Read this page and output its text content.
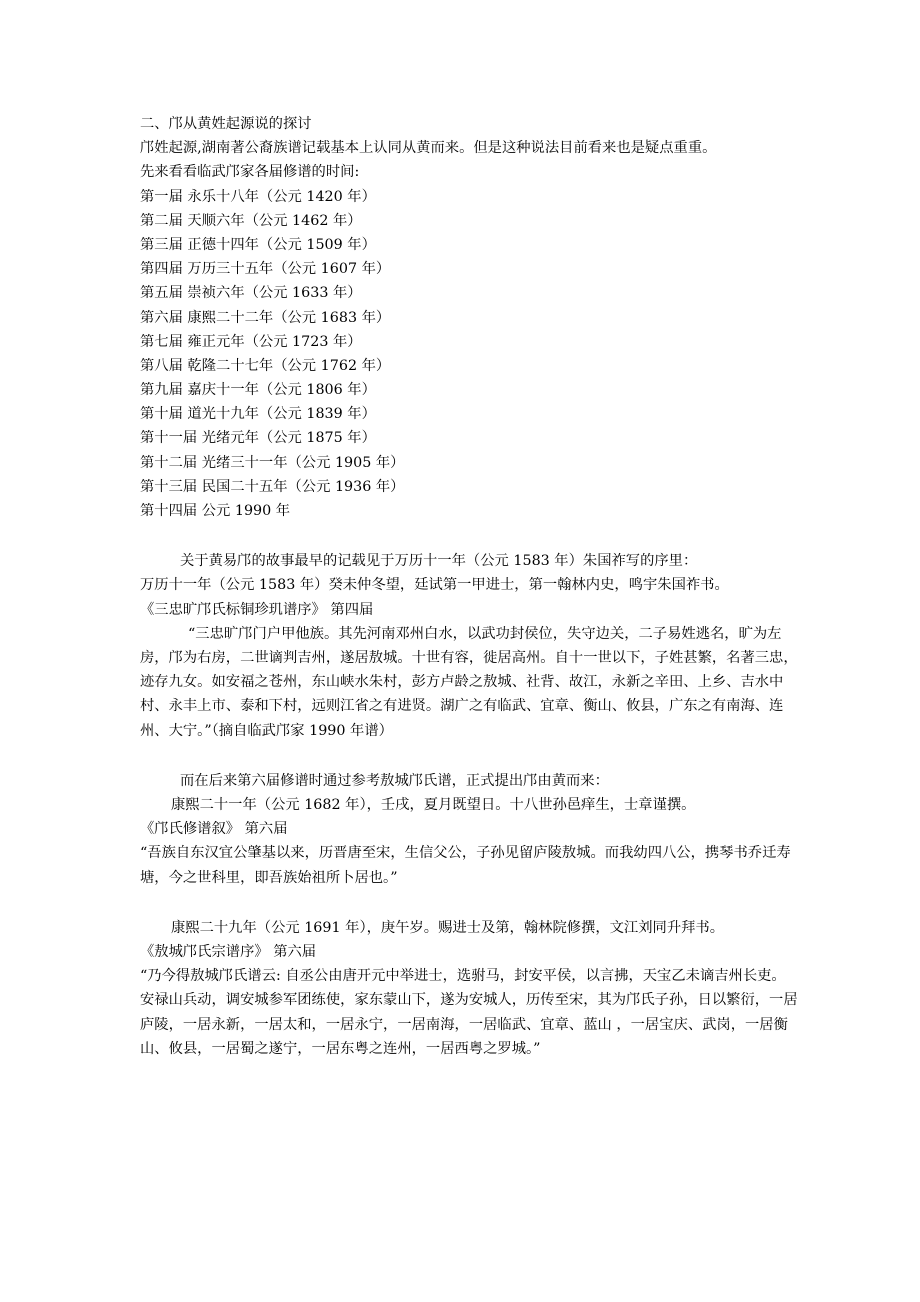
二、邝从黄姓起源说的探讨
邝姓起源,湖南著公裔族谱记载基本上认同从黄而来。但是这种说法目前看来也是疑点重重。
先来看看临武邝家各届修谱的时间:
第一届 永乐十八年（公元 1420 年）
第二届 天顺六年（公元 1462 年）
第三届 正德十四年（公元 1509 年）
第四届 万历三十五年（公元 1607 年）
第五届 崇祯六年（公元 1633 年）
第六届 康熙二十二年（公元 1683 年）
第七届 雍正元年（公元 1723 年）
第八届 乾隆二十七年（公元 1762 年）
第九届 嘉庆十一年（公元 1806 年）
第十届 道光十九年（公元 1839 年）
第十一届 光绪元年（公元 1875 年）
第十二届 光绪三十一年（公元 1905 年）
第十三届 民国二十五年（公元 1936 年）
第十四届 公元 1990 年
关于黄易邝的故事最早的记载见于万历十一年（公元 1583 年）朱国祚写的序里：
万历十一年（公元 1583 年）癸未仲冬望，廷试第一甲进士，第一翰林内史，鸣宇朱国祚书。
《三忠旷邝氏标铜珍玑谱序》 第四届
“三忠旷邝门户甲他族。其先河南邓州白水，以武功封侯位，失守边关，二子易姓逃名，旷为左房，邝为右房，二世谪判吉州，遂居敖城。十世有容，徙居高州。自十一世以下，子姓甚繁，名著三忠，迹存九女。如安福之苍州，东山峡水朱村，彭方卢龄之敖城、社背、故江，永新之辛田、上乡、吉水中村、永丰上市、泰和下村，远则江省之有进贤。湖广之有临武、宜章、衡山、攸县，广东之有南海、连州、大宁。”（摘自临武邝家 1990 年谱）
而在后来第六届修谱时通过参考敖城邝氏谱，正式提出邝由黄而来：
康熙二十一年（公元 1682 年），壬戌，夏月既望日。十八世孙邑痒生，士章谨撰。
《邝氏修谱叙》 第六届
“吾族自东汉宜公肇基以来，历晋唐至宋，生信父公，子孙见留庐陵敖城。而我幼四八公，携琴书乔迁寿塘，今之世科里，即吾族始祖所卜居也。”
康熙二十九年（公元 1691 年），庚午岁。赐进士及第，翰林院修撰，文江刘同升拜书。
《敖城邝氏宗谱序》 第六届
“乃今得敖城邝氏谱云: 自丞公由唐开元中举进士，选驸马，封安平侯，以言拂，天宝乙未谪吉州长吏。安禄山兵动，调安城参军团练使，家东蒙山下，遂为安城人，历传至宋，其为邝氏子孙，日以繁衍，一居庐陵，一居永新，一居太和，一居永宁，一居南海，一居临武、宜章、蓝山 ，一居宝庆、武岗，一居衡山、攸县，一居蜀之遂宁，一居东粤之连州，一居西粤之罗城。”
